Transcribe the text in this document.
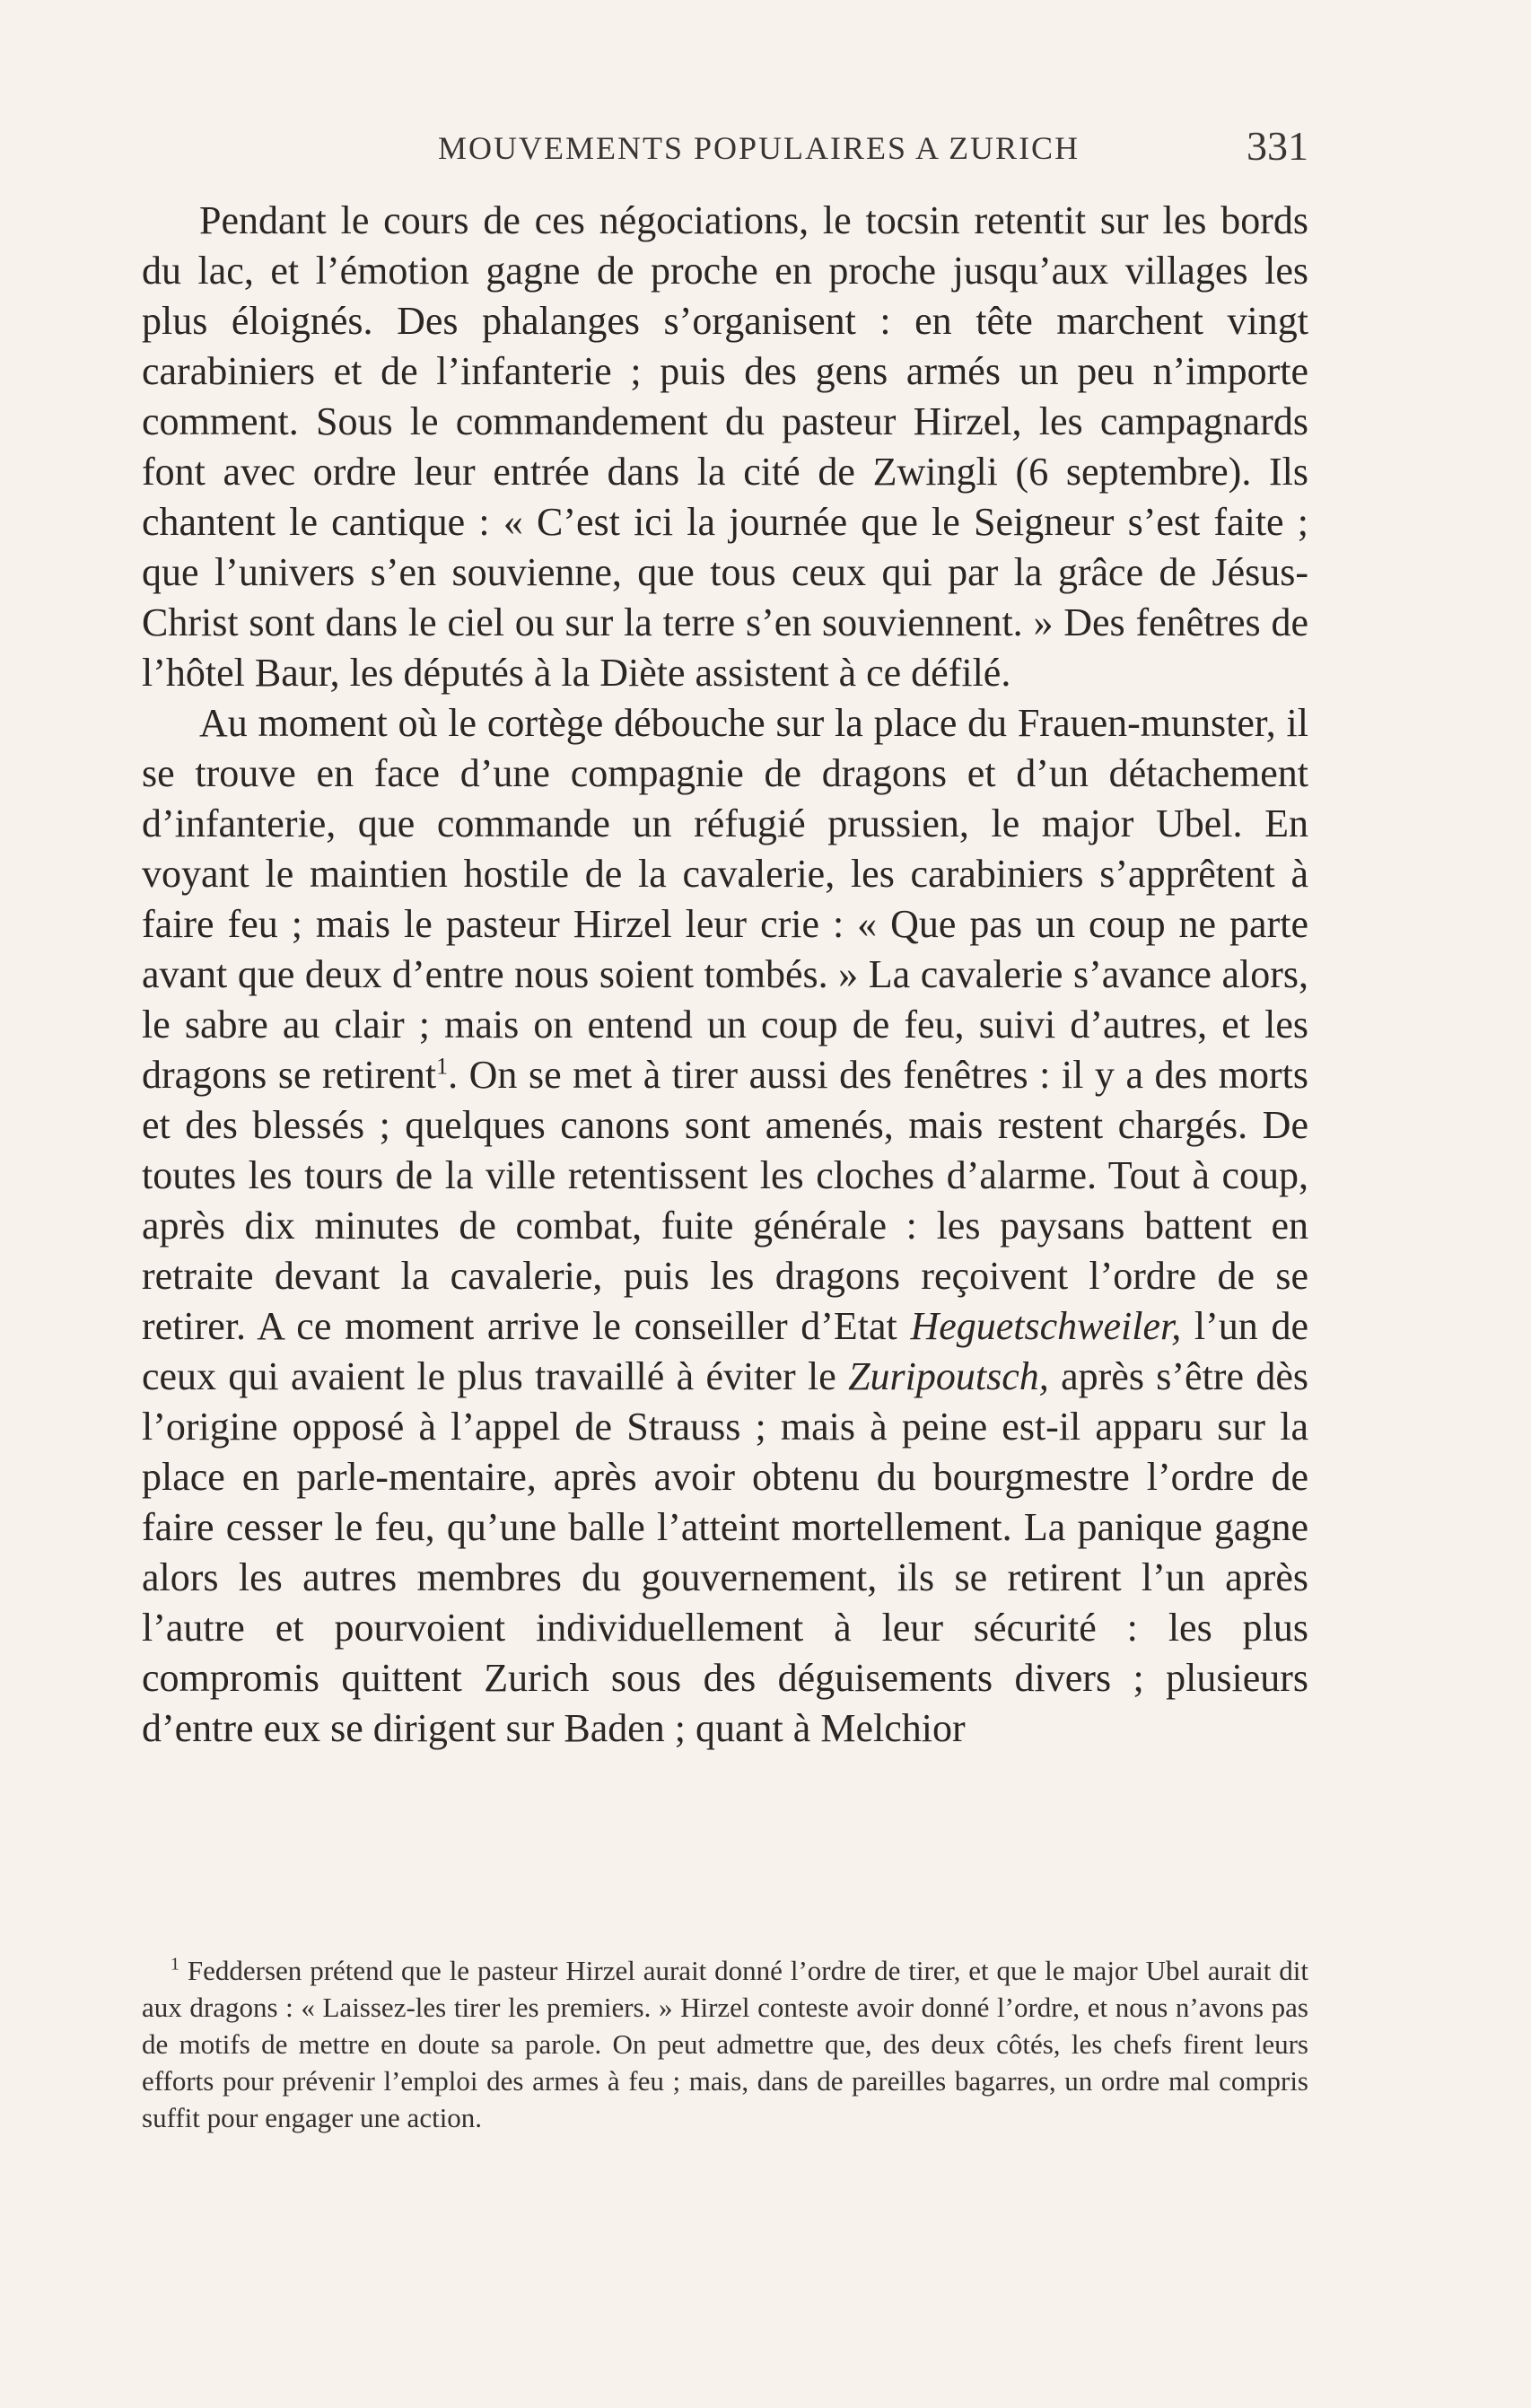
MOUVEMENTS POPULAIRES A ZURICH	331

Pendant le cours de ces négociations, le tocsin retentit sur les bords du lac, et l’émotion gagne de proche en proche jusqu’aux villages les plus éloignés. Des phalanges s’organisent : en tête marchent vingt carabiniers et de l’infanterie ; puis des gens armés un peu n’importe comment. Sous le commandement du pasteur Hirzel, les campagnards font avec ordre leur entrée dans la cité de Zwingli (6 septembre). Ils chantent le cantique : « C’est ici la journée que le Seigneur s’est faite ; que l’univers s’en souvienne, que tous ceux qui par la grâce de Jésus-Christ sont dans le ciel ou sur la terre s’en souviennent. » Des fenêtres de l’hôtel Baur, les députés à la Diète assistent à ce défilé.

Au moment où le cortège débouche sur la place du Frauen-munster, il se trouve en face d’une compagnie de dragons et d’un détachement d’infanterie, que commande un réfugié prussien, le major Ubel. En voyant le maintien hostile de la cavalerie, les carabiniers s’apprêtent à faire feu ; mais le pasteur Hirzel leur crie : « Que pas un coup ne parte avant que deux d’entre nous soient tombés. » La cavalerie s’avance alors, le sabre au clair ; mais on entend un coup de feu, suivi d’autres, et les dragons se retirent$^1$. On se met à tirer aussi des fenêtres : il y a des morts et des blessés ; quelques canons sont amenés, mais restent chargés. De toutes les tours de la ville retentissent les cloches d’alarme. Tout à coup, après dix minutes de combat, fuite générale : les paysans battent en retraite devant la cavalerie, puis les dragons reçoivent l’ordre de se retirer. A ce moment arrive le conseiller d’Etat Heguetschweiler, l’un de ceux qui avaient le plus travaillé à éviter le Zuripoutsch, après s’être dès l’origine opposé à l’appel de Strauss ; mais à peine est-il apparu sur la place en parle-mentaire, après avoir obtenu du bourgmestre l’ordre de faire cesser le feu, qu’une balle l’atteint mortellement. La panique gagne alors les autres membres du gouvernement, ils se retirent l’un après l’autre et pourvoient individuellement à leur sécurité : les plus compromis quittent Zurich sous des déguisements divers ; plusieurs d’entre eux se dirigent sur Baden ; quant à Melchior

$^1$ Feddersen prétend que le pasteur Hirzel aurait donné l’ordre de tirer, et que le major Ubel aurait dit aux dragons : « Laissez-les tirer les premiers. » Hirzel conteste avoir donné l’ordre, et nous n’avons pas de motifs de mettre en doute sa parole. On peut admettre que, des deux côtés, les chefs firent leurs efforts pour prévenir l’emploi des armes à feu ; mais, dans de pareilles bagarres, un ordre mal compris suffit pour engager une action.
